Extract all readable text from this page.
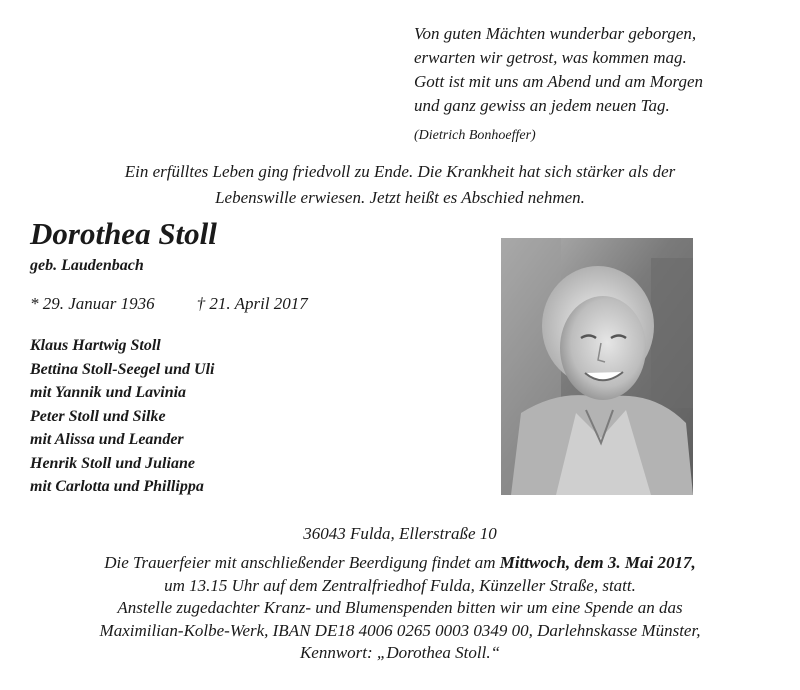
Von guten Mächten wunderbar geborgen,
erwarten wir getrost, was kommen mag.
Gott ist mit uns am Abend und am Morgen
und ganz gewiss an jedem neuen Tag.
(Dietrich Bonhoeffer)
Ein erfülltes Leben ging friedvoll zu Ende. Die Krankheit hat sich stärker als der
Lebenswille erwiesen. Jetzt heißt es Abschied nehmen.
Dorothea Stoll
geb. Laudenbach
* 29. Januar 1936 † 21. April 2017
Klaus Hartwig Stoll
Bettina Stoll-Seegel und Uli
mit Yannik und Lavinia
Peter Stoll und Silke
mit Alissa und Leander
Henrik Stoll und Juliane
mit Carlotta und Phillippa
36043 Fulda, Ellerstraße 10
Die Trauerfeier mit anschließender Beerdigung findet am Mittwoch, dem 3. Mai 2017,
um 13.15 Uhr auf dem Zentralfriedhof Fulda, Künzeller Straße, statt.
Anstelle zugedachter Kranz- und Blumenspenden bitten wir um eine Spende an das
Maximilian-Kolbe-Werk, IBAN DE18 4006 0265 0003 0349 00, Darlehnskasse Münster,
Kennwort: „Dorothea Stoll.“
